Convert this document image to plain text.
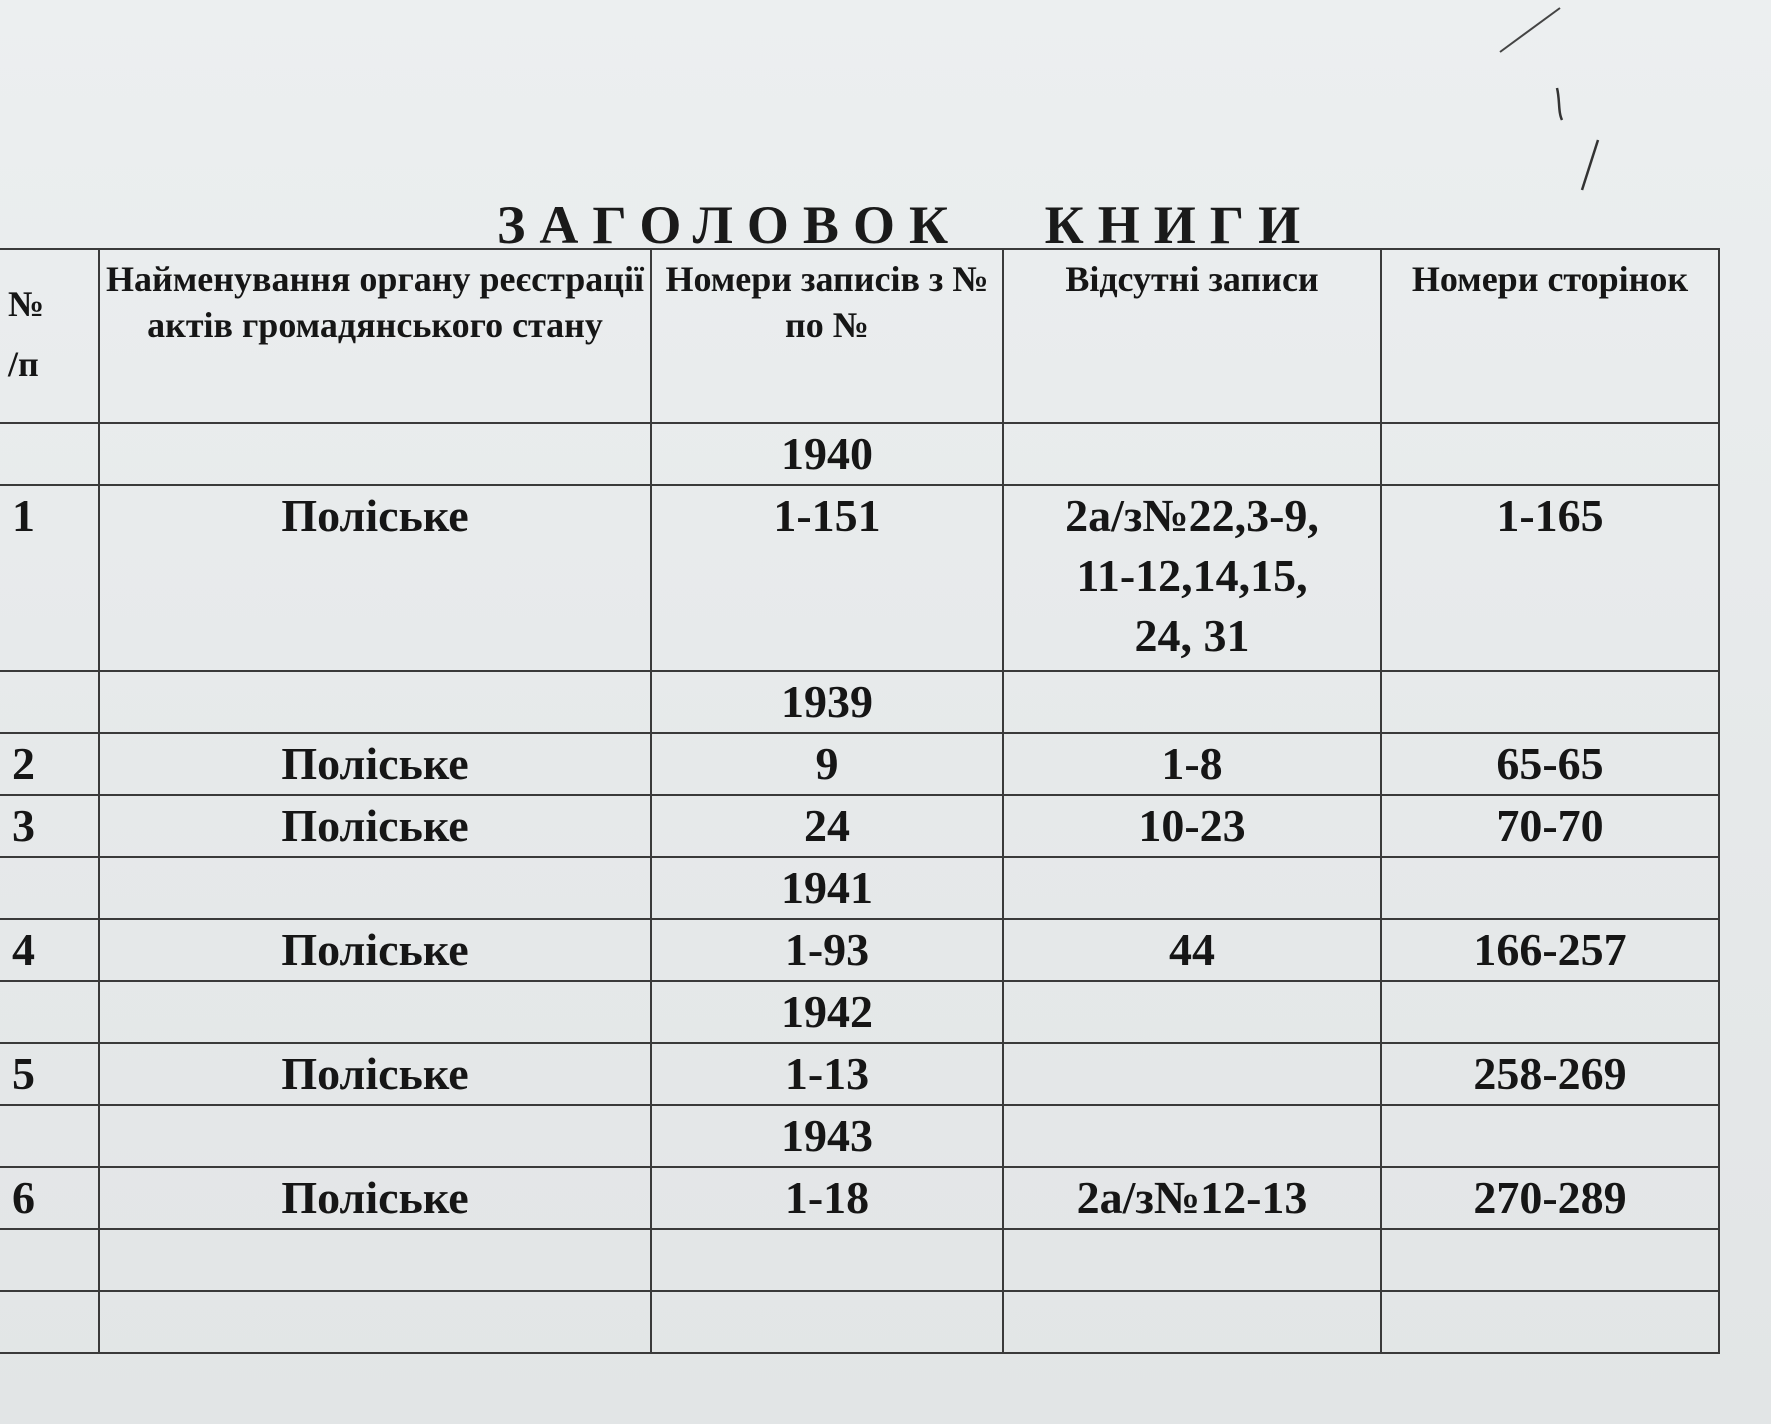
ЗАГОЛОВОК   КНИГИ
№
/п	Найменування органу реєстрації актів громадянського стану	Номери записів з № по №	Відсутні записи	Номери сторінок
		1940		
1	Поліське	1-151	2а/з№22,3-9,
11-12,14,15,
24, 31	1-165
		1939		
2	Поліське	9	1-8	65-65
3	Поліське	24	10-23	70-70
		1941		
4	Поліське	1-93	44	166-257
		1942		
5	Поліське	1-13		258-269
		1943		
6	Поліське	1-18	2а/з№12-13	270-289
